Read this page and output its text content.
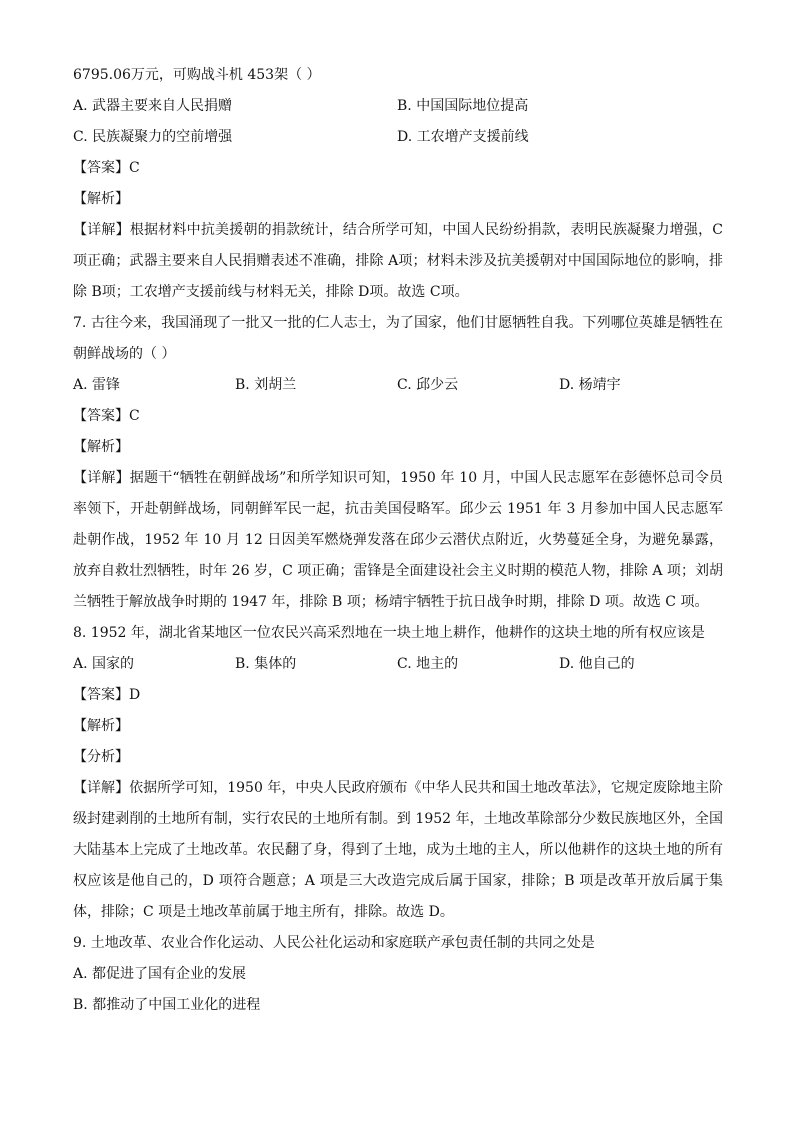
6795.06万元，可购战斗机 453架（ ）
A. 武器主要来自人民捐赠	B. 中国国际地位提高
C. 民族凝聚力的空前增强	D. 工农增产支援前线
【答案】C
【解析】
【详解】根据材料中抗美援朝的捐款统计，结合所学可知，中国人民纷纷捐款，表明民族凝聚力增强，C项正确；武器主要来自人民捐赠表述不准确，排除 A项；材料未涉及抗美援朝对中国国际地位的影响，排除 B项；工农增产支援前线与材料无关，排除 D项。故选 C项。
7. 古往今来，我国涌现了一批又一批的仁人志士，为了国家，他们甘愿牺牲自我。下列哪位英雄是牺牲在朝鲜战场的（ ）
A. 雷锋	B. 刘胡兰	C. 邱少云	D. 杨靖宇
【答案】C
【解析】
【详解】据题干“牺牲在朝鲜战场”和所学知识可知，1950 年 10 月，中国人民志愿军在彭德怀总司令员率领下，开赴朝鲜战场，同朝鲜军民一起，抗击美国侵略军。邱少云 1951 年 3 月参加中国人民志愿军赴朝作战，1952 年 10 月 12 日因美军燃烧弹发落在邱少云潜伏点附近，火势蔓延全身，为避免暴露，放弃自救壮烈牺牲，时年 26 岁，C 项正确；雷锋是全面建设社会主义时期的模范人物，排除 A 项；刘胡兰牺牲于解放战争时期的 1947 年，排除 B 项；杨靖宇牺牲于抗日战争时期，排除 D 项。故选 C 项。
8. 1952 年，湖北省某地区一位农民兴高采烈地在一块土地上耕作，他耕作的这块土地的所有权应该是
A. 国家的	B. 集体的	C. 地主的	D. 他自己的
【答案】D
【解析】
【分析】
【详解】依据所学可知，1950 年，中央人民政府颁布《中华人民共和国土地改革法》，它规定废除地主阶级封建剥削的土地所有制，实行农民的土地所有制。到 1952 年，土地改革除部分少数民族地区外，全国大陆基本上完成了土地改革。农民翻了身，得到了土地，成为土地的主人，所以他耕作的这块土地的所有权应该是他自己的，D 项符合题意；A 项是三大改造完成后属于国家，排除；B 项是改革开放后属于集体，排除；C 项是土地改革前属于地主所有，排除。故选 D。
9. 土地改革、农业合作化运动、人民公社化运动和家庭联产承包责任制的共同之处是
A. 都促进了国有企业的发展
B. 都推动了中国工业化的进程
